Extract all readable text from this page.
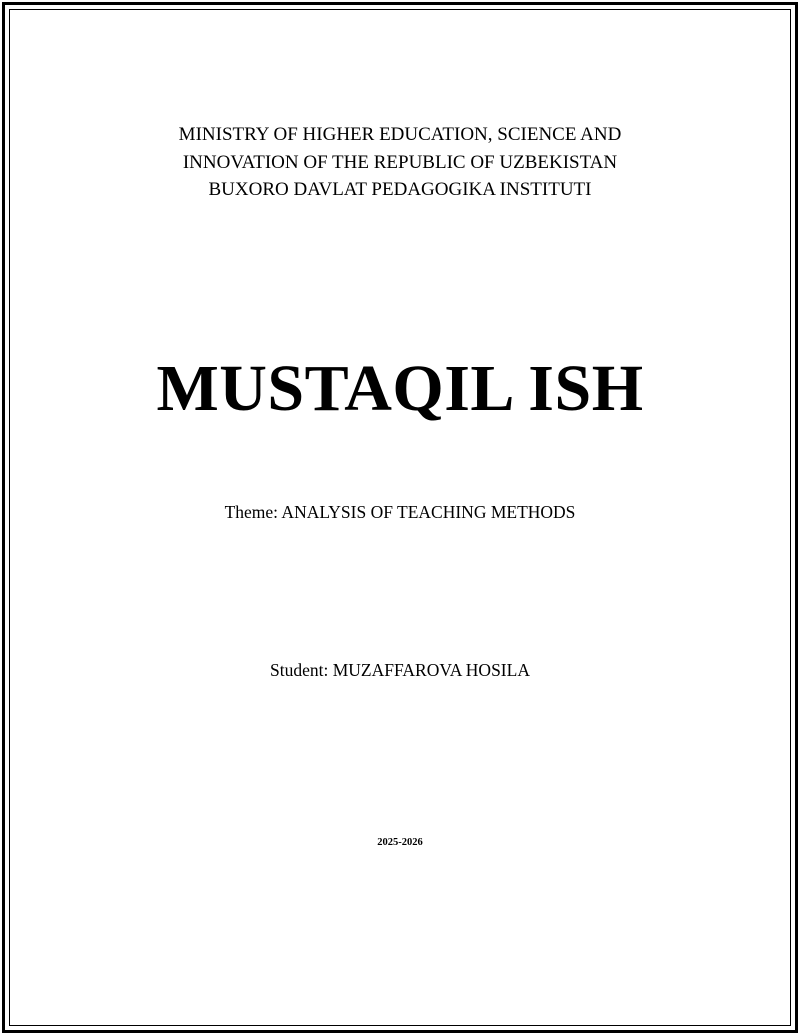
MINISTRY OF HIGHER EDUCATION, SCIENCE AND
INNOVATION OF THE REPUBLIC OF UZBEKISTAN
BUXORO DAVLAT PEDAGOGIKA INSTITUTI
MUSTAQIL ISH
Theme: ANALYSIS OF TEACHING METHODS
Student: MUZAFFAROVA HOSILA
2025-2026
